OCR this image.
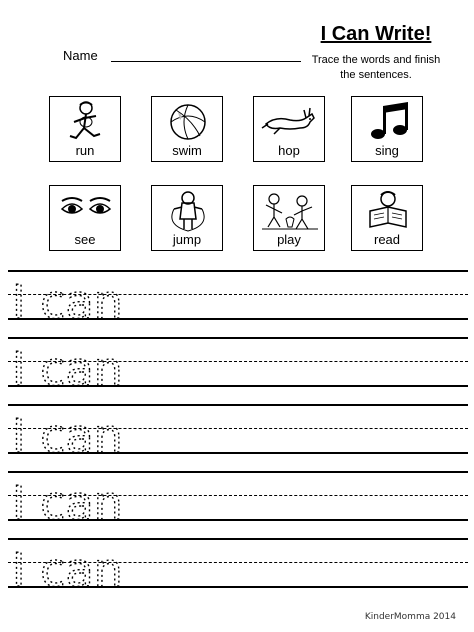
Name
I Can Write!
Trace the words and finish the sentences.
run	swim	hop	sing
see	jump	play	read
I can
I can
I can
I can
I can
KinderMomma 2014
